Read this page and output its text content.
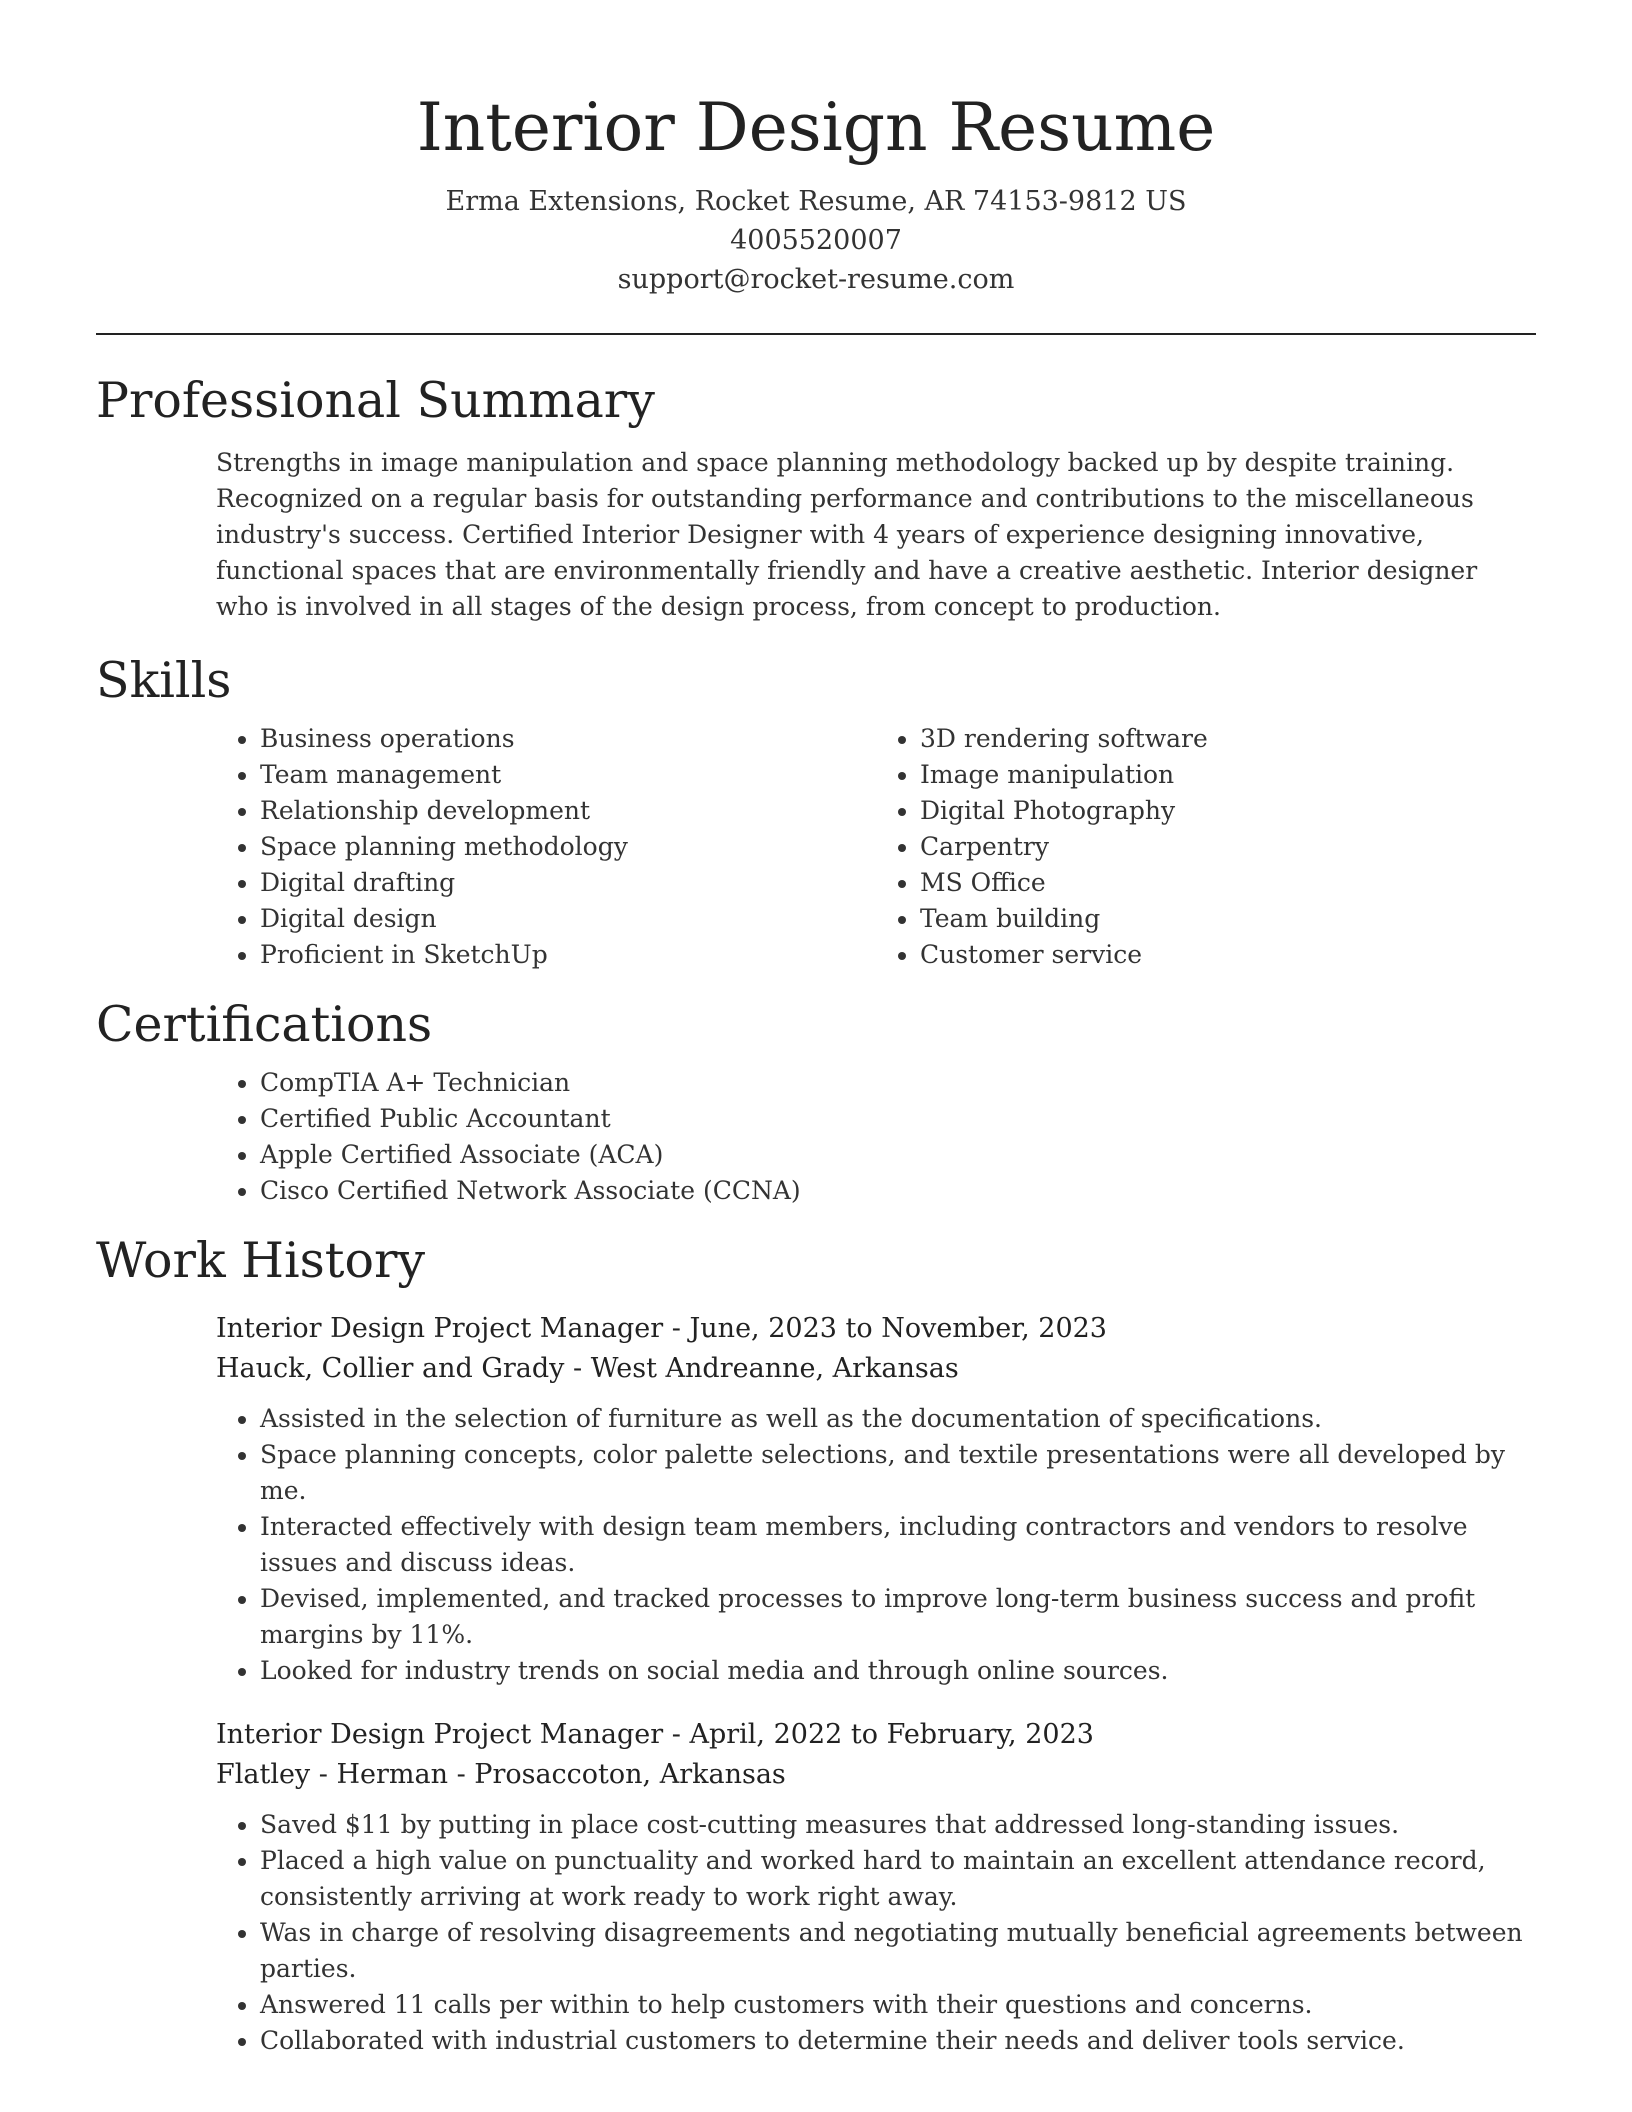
Interior Design Resume
Erma Extensions, Rocket Resume, AR 74153-9812 US
4005520007
support@rocket-resume.com
Professional Summary

Strengths in image manipulation and space planning methodology backed up by despite training. Recognized on a regular basis for outstanding performance and contributions to the miscellaneous industry's success. Certified Interior Designer with 4 years of experience designing innovative, functional spaces that are environmentally friendly and have a creative aesthetic. Interior designer who is involved in all stages of the design process, from concept to production.

Skills
• Business operations
• Team management
• Relationship development
• Space planning methodology
• Digital drafting
• Digital design
• Proficient in SketchUp
• 3D rendering software
• Image manipulation
• Digital Photography
• Carpentry
• MS Office
• Team building
• Customer service
Certifications
• CompTIA A+ Technician
• Certified Public Accountant
• Apple Certified Associate (ACA)
• Cisco Certified Network Associate (CCNA)
Work History
Interior Design Project Manager - June, 2023 to November, 2023
Hauck, Collier and Grady - West Andreanne, Arkansas
• Assisted in the selection of furniture as well as the documentation of specifications.
• Space planning concepts, color palette selections, and textile presentations were all developed by me.
• Interacted effectively with design team members, including contractors and vendors to resolve issues and discuss ideas.
• Devised, implemented, and tracked processes to improve long-term business success and profit margins by 11%.
• Looked for industry trends on social media and through online sources.
Interior Design Project Manager - April, 2022 to February, 2023
Flatley - Herman - Prosaccoton, Arkansas
• Saved $11 by putting in place cost-cutting measures that addressed long-standing issues.
• Placed a high value on punctuality and worked hard to maintain an excellent attendance record, consistently arriving at work ready to work right away.
• Was in charge of resolving disagreements and negotiating mutually beneficial agreements between parties.
• Answered 11 calls per within to help customers with their questions and concerns.
• Collaborated with industrial customers to determine their needs and deliver tools service.
